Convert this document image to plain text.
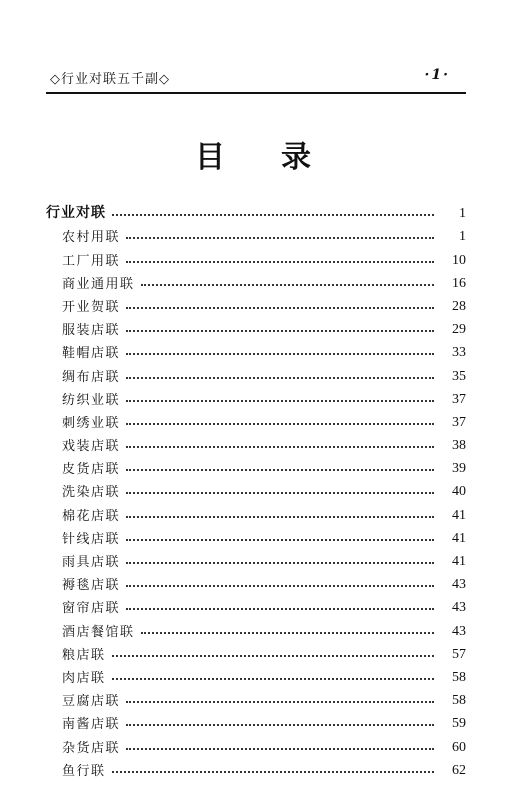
◇行业对联五千副◇	·1·
目录
行业对联	1
农村用联	1
工厂用联	10
商业通用联	16
开业贺联	28
服装店联	29
鞋帽店联	33
绸布店联	35
纺织业联	37
刺绣业联	37
戏装店联	38
皮货店联	39
洗染店联	40
棉花店联	41
针线店联	41
雨具店联	41
褥毯店联	43
窗帘店联	43
酒店餐馆联	43
粮店联	57
肉店联	58
豆腐店联	58
南酱店联	59
杂货店联	60
鱼行联	62
